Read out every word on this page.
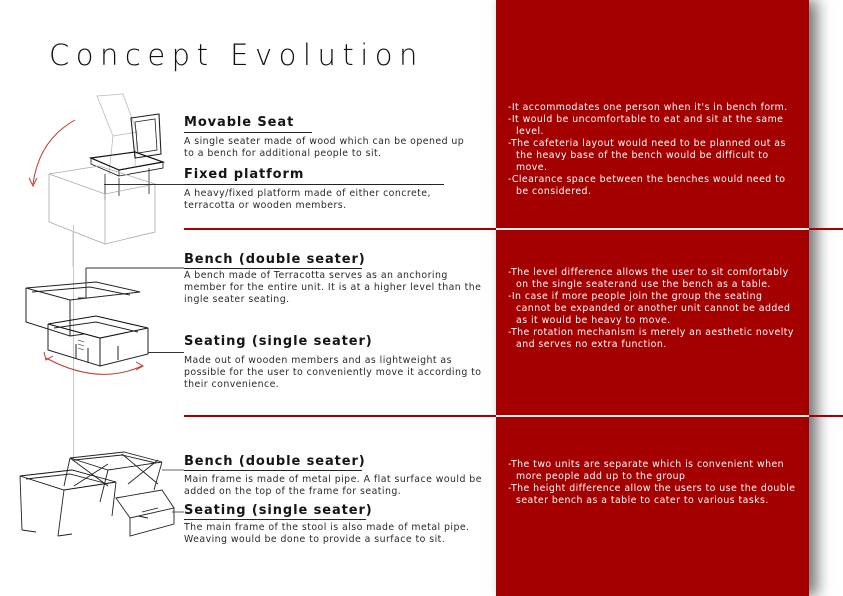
Concept Evolution
Movable Seat

A single seater made of wood which can be opened up to a bench for additional people to sit.

Fixed platform

A heavy/fixed platform made of either concrete, terracotta or wooden members.

-It accommodates one person when it's in bench form.
-It would be uncomfortable to eat and sit at the same level.
-The cafeteria layout would need to be planned out as the heavy base of the bench would be difficult to move.
-Clearance space between the benches would need to be considered.
Bench (double seater)

A bench made of Terracotta serves as an anchoring member for the entire unit. It is at a higher level than the ingle seater seating.

Seating (single seater)

Made out of wooden members and as lightweight as possible for the user to conveniently move it according to their convenience.

-The level difference allows the user to sit comfortably on the single seaterand use the bench as a table.
-In case if more people join the group the seating cannot be expanded or another unit cannot be added as it would be heavy to move.
-The rotation mechanism is merely an aesthetic novelty and serves no extra function.
Bench (double seater)

Main frame is made of metal pipe. A flat surface would be added on the top of the frame for seating.

Seating (single seater)

The main frame of the stool is also made of metal pipe. Weaving would be done to provide a surface to sit.

-The two units are separate which is convenient when more people add up to the group
-The height difference allow the users to use the double seater bench as a table to cater to various tasks.
